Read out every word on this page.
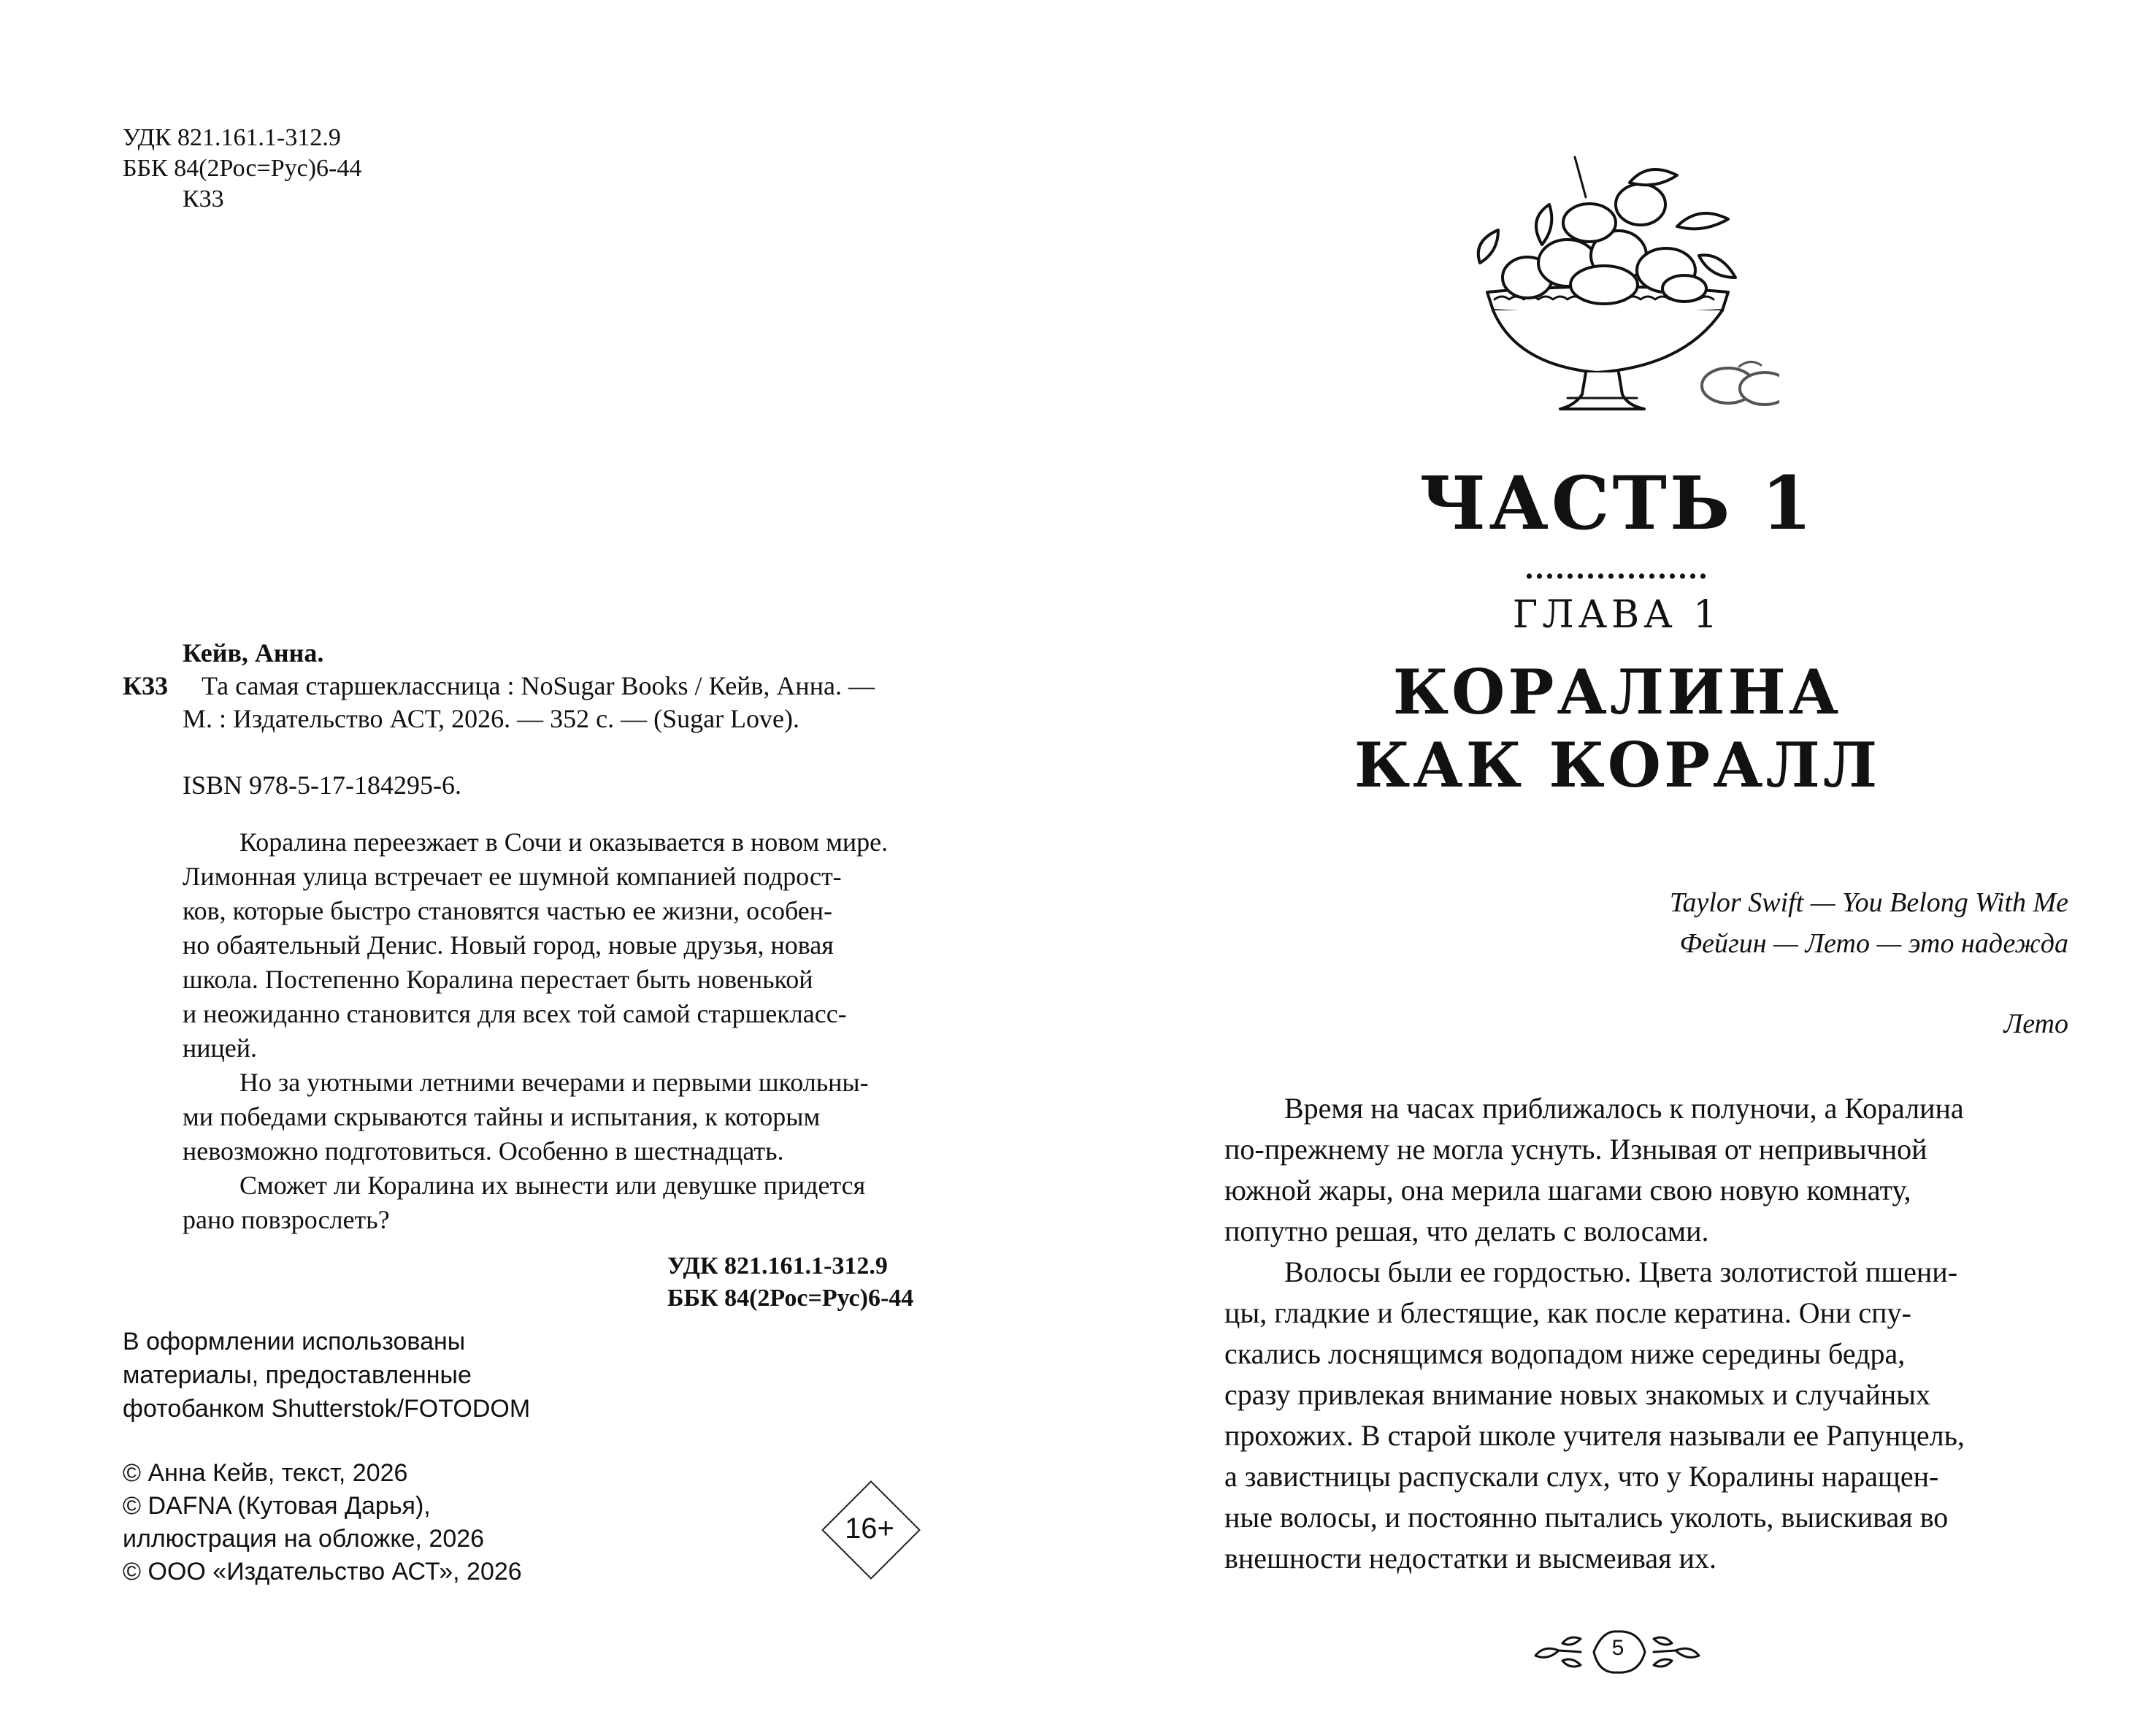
УДК 821.161.1-312.9
ББК 84(2Рос=Рус)6-44
К33
Кейв, Анна.
К33	Та самая старшеклассница : NoSugar Books / Кейв, Анна. —
М. : Издательство АСТ, 2026. — 352 с. — (Sugar Love).
ISBN 978-5-17-184295-6.
Коралина переезжает в Сочи и оказывается в новом мире.
Лимонная улица встречает ее шумной компанией подрост-
ков, которые быстро становятся частью ее жизни, особен-
но обаятельный Денис. Новый город, новые друзья, новая
школа. Постепенно Коралина перестает быть новенькой
и неожиданно становится для всех той самой старшекласс-
ницей.
Но за уютными летними вечерами и первыми школьны-
ми победами скрываются тайны и испытания, к которым
невозможно подготовиться. Особенно в шестнадцать.
Сможет ли Коралина их вынести или девушке придется
рано повзрослеть?
УДК 821.161.1-312.9
ББК 84(2Рос=Рус)6-44
В оформлении использованы
материалы, предоставленные
фотобанком Shutterstok/FOTODOM
© Анна Кейв, текст, 2026
© DAFNA (Кутовая Дарья),
иллюстрация на обложке, 2026
© ООО «Издательство АСТ», 2026
16+
ЧАСТЬ 1
..................
ГЛАВА 1
КОРАЛИНА
КАК КОРАЛЛ
Taylor Swift — You Belong With Me
Фейгин — Лето — это надежда
Лето
Время на часах приближалось к полуночи, а Коралина
по-прежнему не могла уснуть. Изнывая от непривычной
южной жары, она мерила шагами свою новую комнату,
попутно решая, что делать с волосами.
Волосы были ее гордостью. Цвета золотистой пшени-
цы, гладкие и блестящие, как после кератина. Они спу-
скались лоснящимся водопадом ниже середины бедра,
сразу привлекая внимание новых знакомых и случайных
прохожих. В старой школе учителя называли ее Рапунцель,
а завистницы распускали слух, что у Коралины наращен-
ные волосы, и постоянно пытались уколоть, выискивая во
внешности недостатки и высмеивая их.
5
